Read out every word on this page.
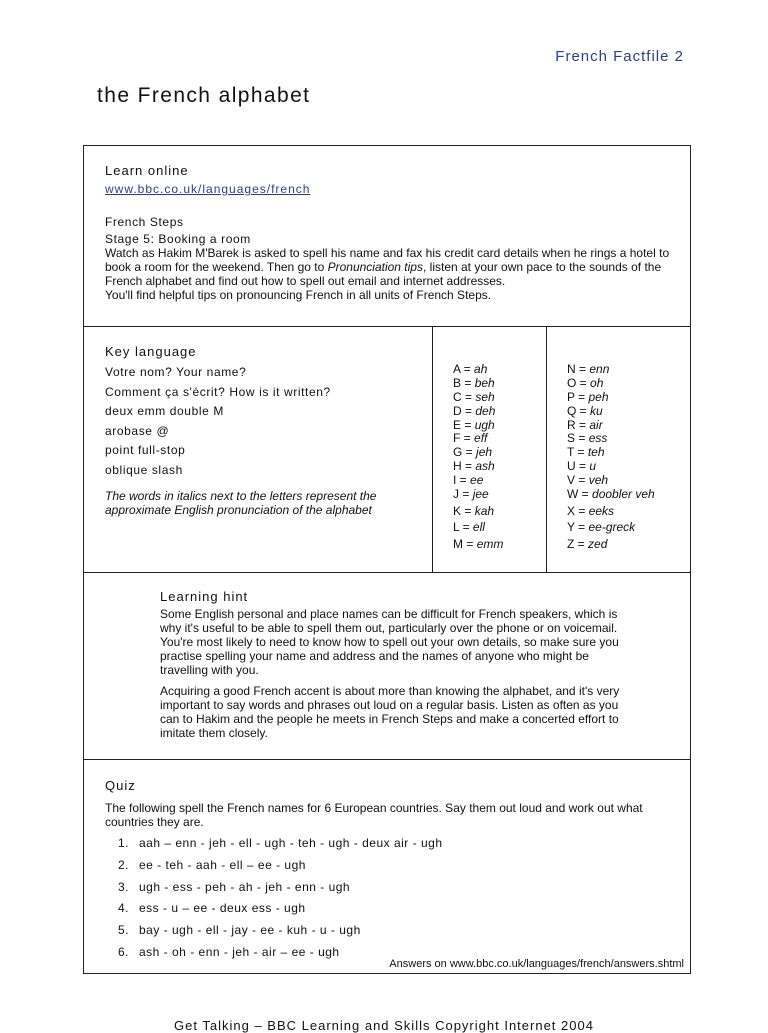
French Factfile 2
the French alphabet
Learn online
www.bbc.co.uk/languages/french
French Steps
Stage 5: Booking a room

Watch as Hakim M'Barek is asked to spell his name and fax his credit card details when he rings a hotel to book a room for the weekend. Then go to Pronunciation tips, listen at your own pace to the sounds of the French alphabet and find out how to spell out email and internet addresses.

You'll find helpful tips on pronouncing French in all units of French Steps.

Key language
Votre nom? Your name?
Comment ça s'écrit? How is it written?
deux emm double M
arobase @
point full-stop
oblique slash

The words in italics next to the letters represent the approximate English pronunciation of the alphabet

A = ah
B = beh
C = seh
D = deh
E = ugh
F = eff
G = jeh
H = ash
I = ee
J = jee
K = kah
L = ell
M = emm
N = enn
O = oh
P = peh
Q = ku
R = air
S = ess
T = teh
U = u
V = veh
W = doobler veh
X = eeks
Y = ee-greck
Z = zed
Learning hint

Some English personal and place names can be difficult for French speakers, which is why it's useful to be able to spell them out, particularly over the phone or on voicemail. You're most likely to need to know how to spell out your own details, so make sure you practise spelling your name and address and the names of anyone who might be travelling with you.

Acquiring a good French accent is about more than knowing the alphabet, and it's very important to say words and phrases out loud on a regular basis. Listen as often as you can to Hakim and the people he meets in French Steps and make a concerted effort to imitate them closely.

Quiz

The following spell the French names for 6 European countries. Say them out loud and work out what countries they are.

1. aah – enn - jeh - ell - ugh - teh - ugh - deux air - ugh
2. ee - teh - aah - ell – ee - ugh
3. ugh - ess - peh - ah - jeh - enn - ugh
4. ess - u – ee - deux ess - ugh
5. bay - ugh - ell - jay - ee - kuh - u - ugh
6. ash - oh - enn - jeh - air – ee - ugh
Answers on www.bbc.co.uk/languages/french/answers.shtml
Get Talking – BBC Learning and Skills Copyright Internet 2004
